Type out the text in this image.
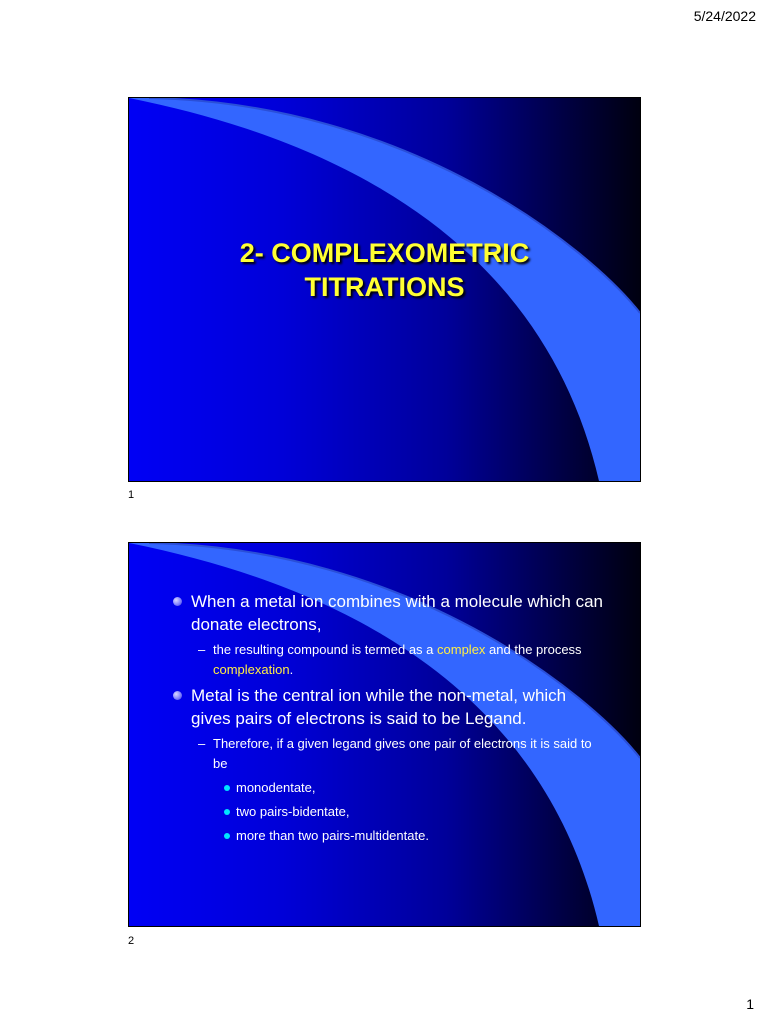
5/24/2022
2- COMPLEXOMETRIC
TITRATIONS
1
When a metal ion combines with a molecule which can donate electrons,
– the resulting compound is termed as a complex and the process complexation.
Metal is the central ion while the non-metal, which gives pairs of electrons is said to be Legand.
– Therefore, if a given legand gives one pair of electrons it is said to be
monodentate,
two pairs-bidentate,
more than two pairs-multidentate.
2
1
